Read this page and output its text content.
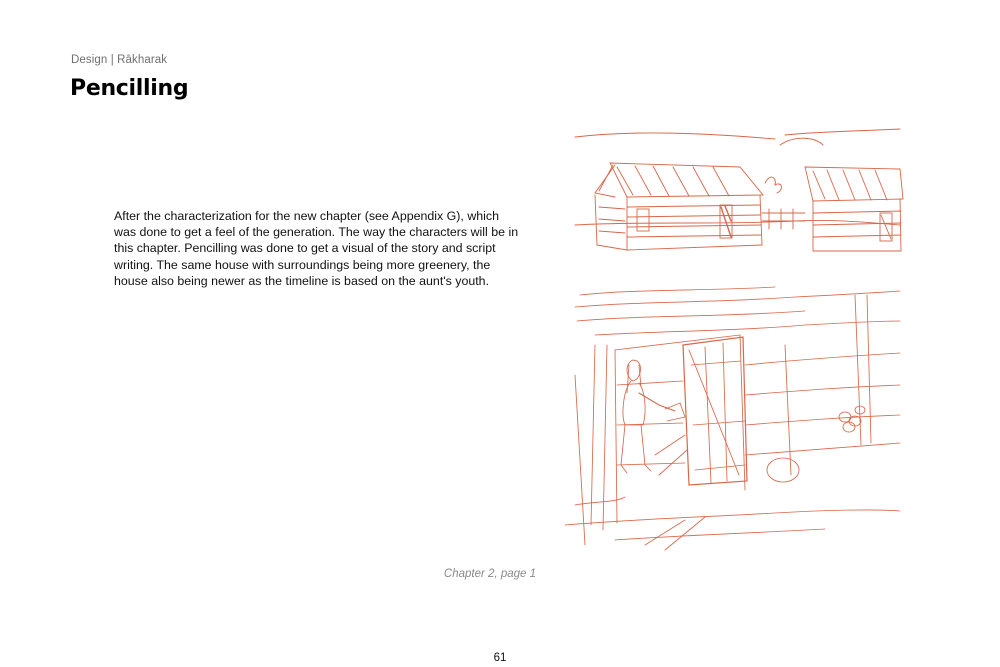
Design | Rākharak
Pencilling

After the characterization for the new chapter (see Appendix G), which was done to get a feel of the generation. The way the characters will be in this chapter. Pencilling was done to get a visual of the story and script writing. The same house with surroundings being more greenery, the house also being newer as the timeline is based on the aunt's youth.

Chapter 2, page 1
61
